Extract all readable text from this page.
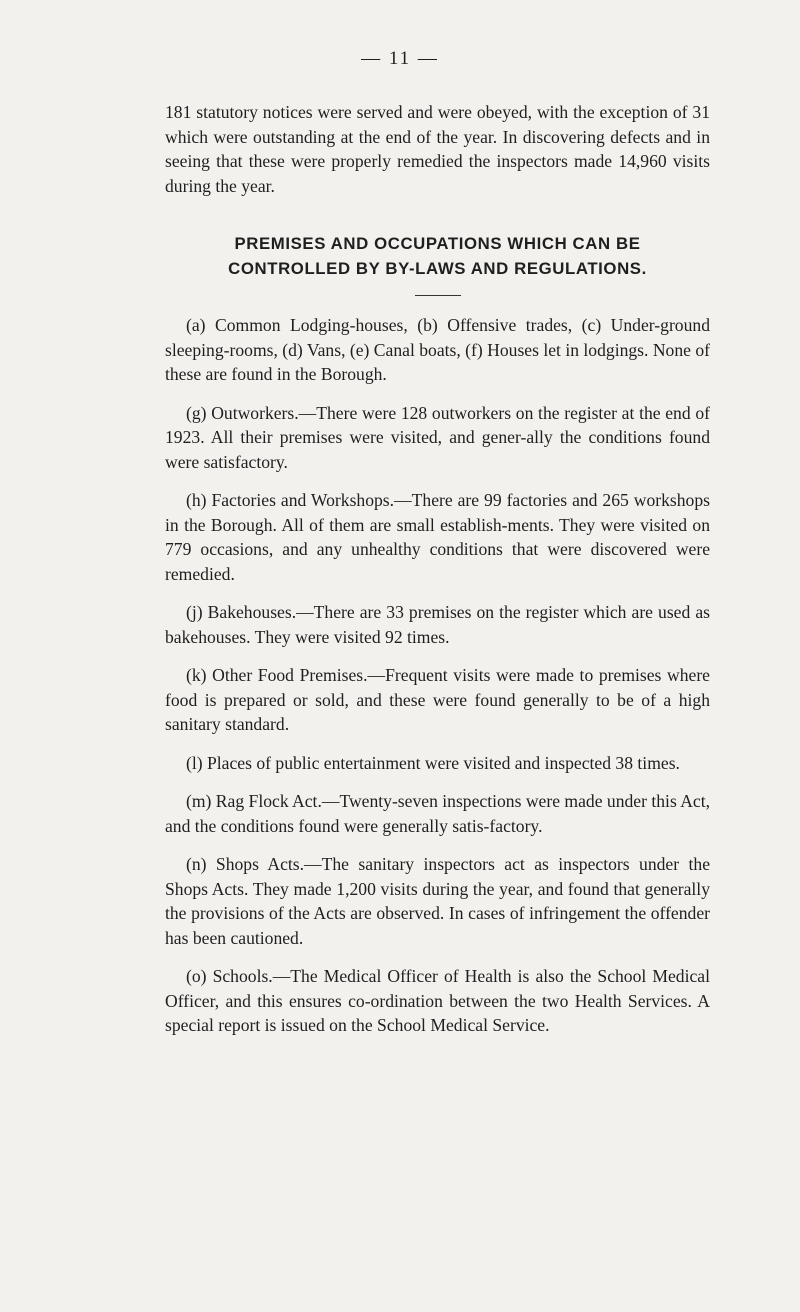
— 11 —

181 statutory notices were served and were obeyed, with the exception of 31 which were outstanding at the end of the year. In discovering defects and in seeing that these were properly remedied the inspectors made 14,960 visits during the year.

PREMISES AND OCCUPATIONS WHICH CAN BE
CONTROLLED BY BY-LAWS AND REGULATIONS.

(a) Common Lodging-houses, (b) Offensive trades, (c) Under-ground sleeping-rooms, (d) Vans, (e) Canal boats, (f) Houses let in lodgings. None of these are found in the Borough.

(g) Outworkers.—There were 128 outworkers on the register at the end of 1923. All their premises were visited, and gener-ally the conditions found were satisfactory.

(h) Factories and Workshops.—There are 99 factories and 265 workshops in the Borough. All of them are small establish-ments. They were visited on 779 occasions, and any unhealthy conditions that were discovered were remedied.

(j) Bakehouses.—There are 33 premises on the register which are used as bakehouses. They were visited 92 times.

(k) Other Food Premises.—Frequent visits were made to premises where food is prepared or sold, and these were found generally to be of a high sanitary standard.

(l) Places of public entertainment were visited and inspected 38 times.

(m) Rag Flock Act.—Twenty-seven inspections were made under this Act, and the conditions found were generally satis-factory.

(n) Shops Acts.—The sanitary inspectors act as inspectors under the Shops Acts. They made 1,200 visits during the year, and found that generally the provisions of the Acts are observed. In cases of infringement the offender has been cautioned.

(o) Schools.—The Medical Officer of Health is also the School Medical Officer, and this ensures co-ordination between the two Health Services. A special report is issued on the School Medical Service.
